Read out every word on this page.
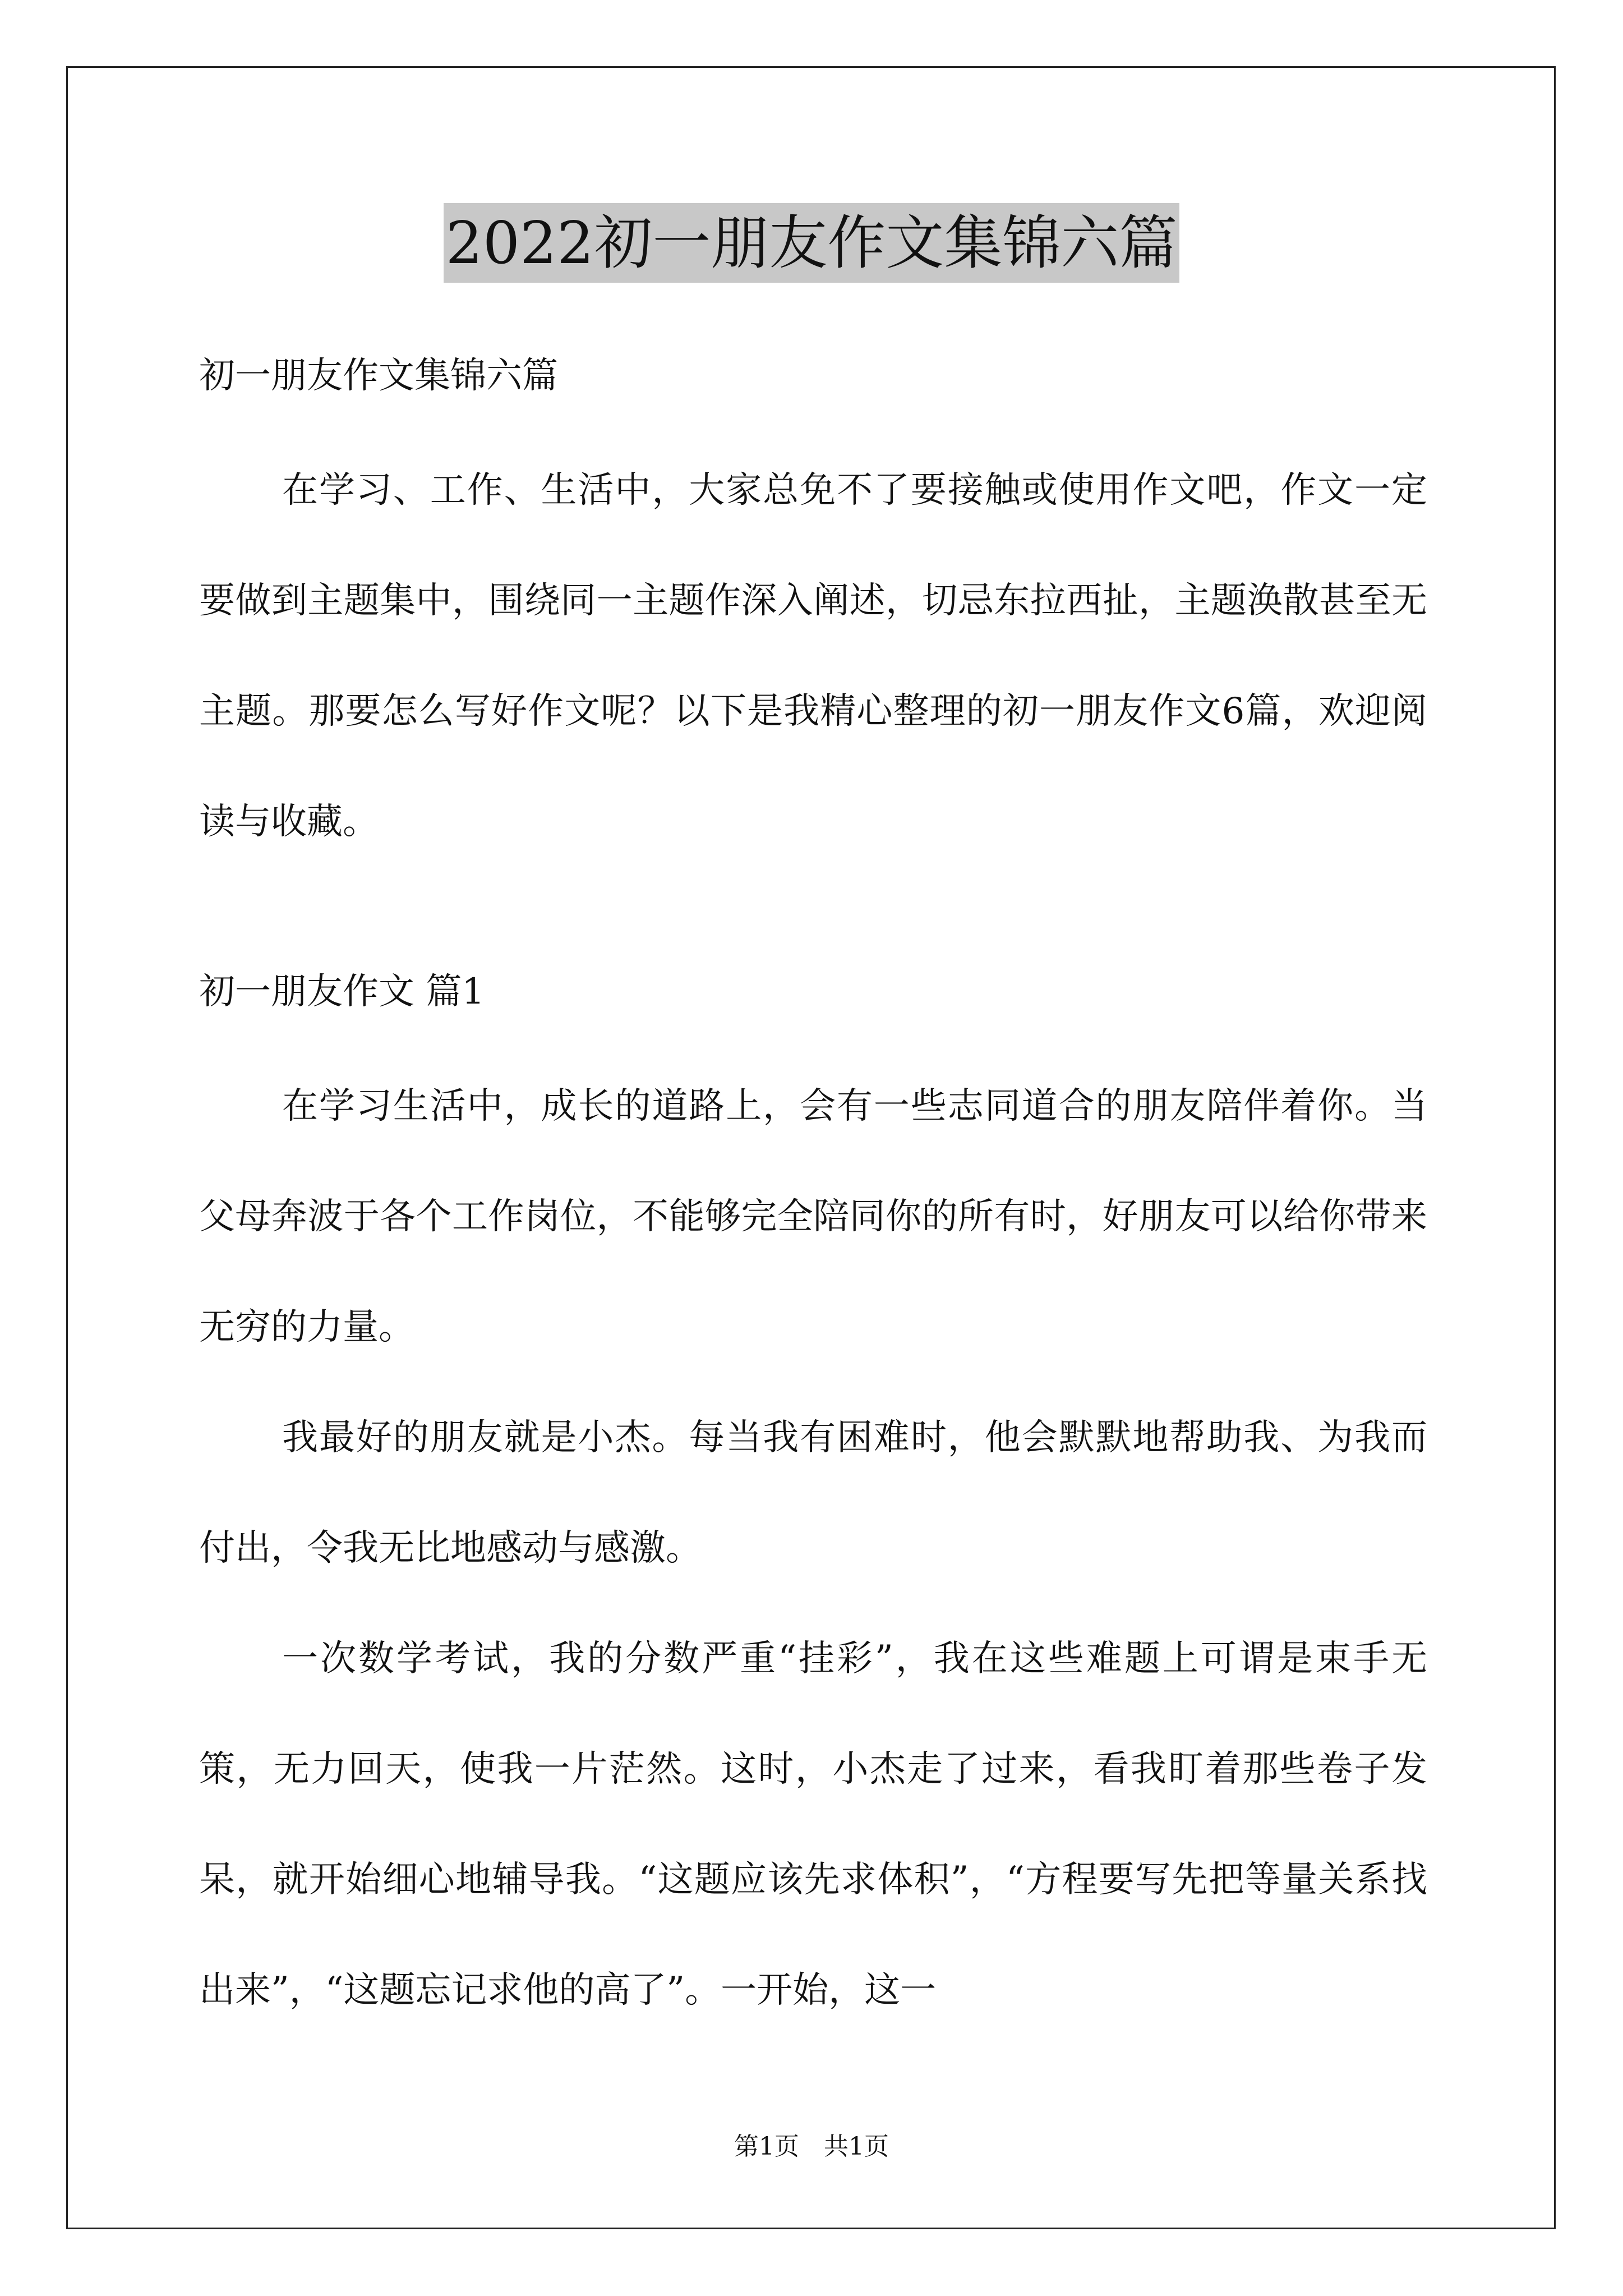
2022初一朋友作文集锦六篇

初一朋友作文集锦六篇

在学习、工作、生活中，大家总免不了要接触或使用作文吧，作文一定要做到主题集中，围绕同一主题作深入阐述，切忌东拉西扯，主题涣散甚至无主题。那要怎么写好作文呢？以下是我精心整理的初一朋友作文6篇，欢迎阅读与收藏。

初一朋友作文 篇1

在学习生活中，成长的道路上，会有一些志同道合的朋友陪伴着你。当父母奔波于各个工作岗位，不能够完全陪同你的所有时，好朋友可以给你带来无穷的力量。

我最好的朋友就是小杰。每当我有困难时，他会默默地帮助我、为我而付出，令我无比地感动与感激。

一次数学考试，我的分数严重“挂彩”，我在这些难题上可谓是束手无策，无力回天，使我一片茫然。这时，小杰走了过来，看我盯着那些卷子发呆，就开始细心地辅导我。“这题应该先求体积”，“方程要写先把等量关系找出来”，“这题忘记求他的高了”。一开始，这一

第1页　共1页
